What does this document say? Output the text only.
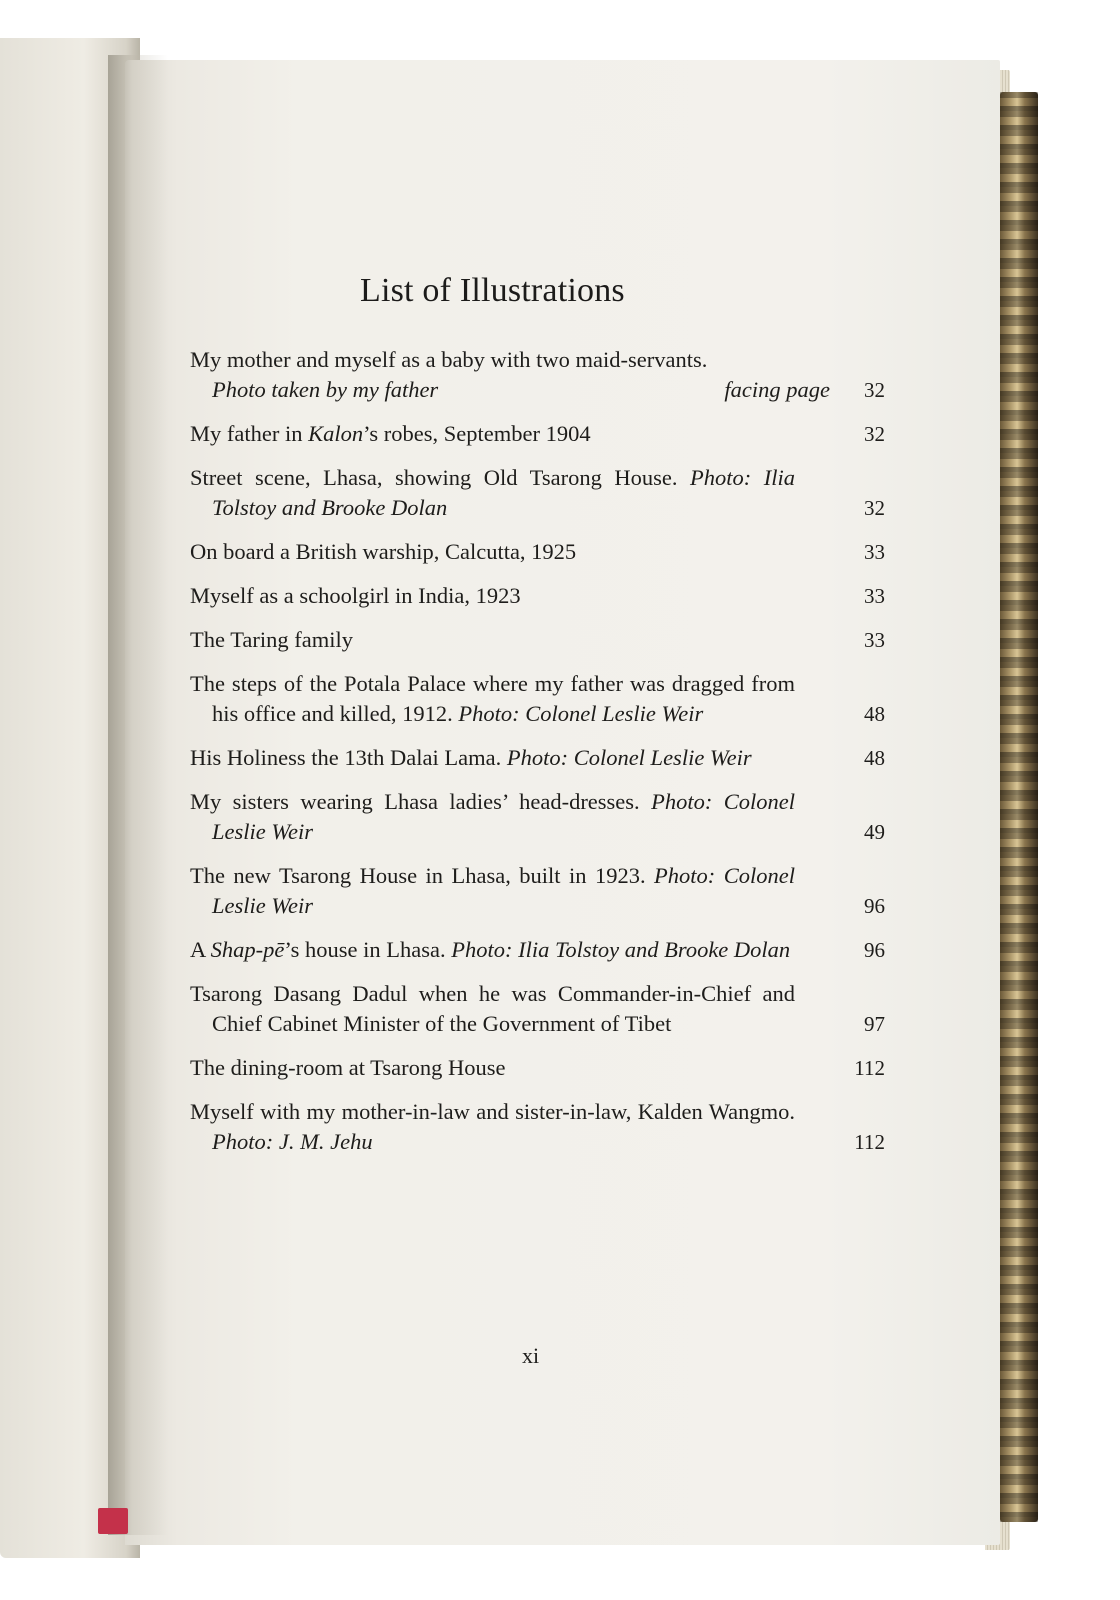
List of Illustrations
My mother and myself as a baby with two maid-servants.
Photo taken by my father	facing page 32
My father in Kalon’s robes, September 1904	32
Street scene, Lhasa, showing Old Tsarong House. Photo: Ilia Tolstoy and Brooke Dolan	32
On board a British warship, Calcutta, 1925	33
Myself as a schoolgirl in India, 1923	33
The Taring family	33
The steps of the Potala Palace where my father was dragged from his office and killed, 1912. Photo: Colonel Leslie Weir	48
His Holiness the 13th Dalai Lama. Photo: Colonel Leslie Weir	48
My sisters wearing Lhasa ladies’ head-dresses. Photo: Colonel Leslie Weir	49
The new Tsarong House in Lhasa, built in 1923. Photo: Colonel Leslie Weir	96
A Shap-pē’s house in Lhasa. Photo: Ilia Tolstoy and Brooke Dolan	96
Tsarong Dasang Dadul when he was Commander-in-Chief and Chief Cabinet Minister of the Government of Tibet	97
The dining-room at Tsarong House	112
Myself with my mother-in-law and sister-in-law, Kalden Wangmo. Photo: J. M. Jehu	112
xi
